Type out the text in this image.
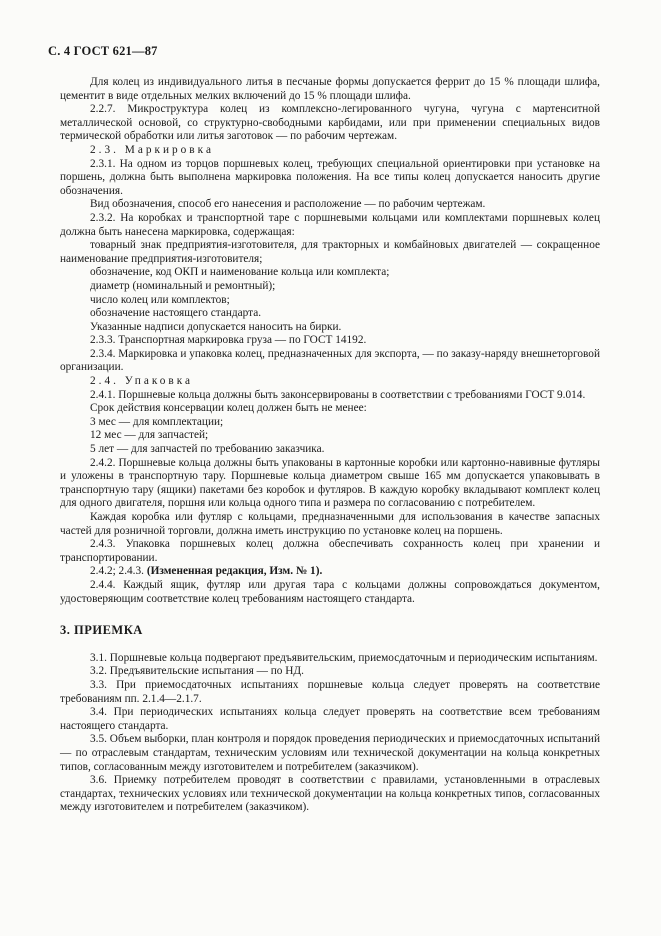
С. 4 ГОСТ 621—87

Для колец из индивидуального литья в песчаные формы допускается феррит до 15 % площади шлифа, цементит в виде отдельных мелких включений до 15 % площади шлифа.

2.2.7. Микроструктура колец из комплексно-легированного чугуна, чугуна с мартенситной металлической основой, со структурно-свободными карбидами, или при применении специальных видов термической обработки или литья заготовок — по рабочим чертежам.

2.3. Маркировка

2.3.1. На одном из торцов поршневых колец, требующих специальной ориентировки при установке на поршень, должна быть выполнена маркировка положения. На все типы колец допускается наносить другие обозначения.

Вид обозначения, способ его нанесения и расположение — по рабочим чертежам.

2.3.2. На коробках и транспортной таре с поршневыми кольцами или комплектами поршневых колец должна быть нанесена маркировка, содержащая:

товарный знак предприятия-изготовителя, для тракторных и комбайновых двигателей — сокращенное наименование предприятия-изготовителя;

обозначение, код ОКП и наименование кольца или комплекта;

диаметр (номинальный и ремонтный);

число колец или комплектов;

обозначение настоящего стандарта.

Указанные надписи допускается наносить на бирки.

2.3.3. Транспортная маркировка груза — по ГОСТ 14192.

2.3.4. Маркировка и упаковка колец, предназначенных для экспорта, — по заказу-наряду внешнеторговой организации.

2.4. Упаковка

2.4.1. Поршневые кольца должны быть законсервированы в соответствии с требованиями ГОСТ 9.014.

Срок действия консервации колец должен быть не менее:

3 мес — для комплектации;

12 мес — для запчастей;

5 лет — для запчастей по требованию заказчика.

2.4.2. Поршневые кольца должны быть упакованы в картонные коробки или картонно-навивные футляры и уложены в транспортную тару. Поршневые кольца диаметром свыше 165 мм допускается упаковывать в транспортную тару (ящики) пакетами без коробок и футляров. В каждую коробку вкладывают комплект колец для одного двигателя, поршня или кольца одного типа и размера по согласованию с потребителем.

Каждая коробка или футляр с кольцами, предназначенными для использования в качестве запасных частей для розничной торговли, должна иметь инструкцию по установке колец на поршень.

2.4.3. Упаковка поршневых колец должна обеспечивать сохранность колец при хранении и транспортировании.

2.4.2; 2.4.3. (Измененная редакция, Изм. № 1).

2.4.4. Каждый ящик, футляр или другая тара с кольцами должны сопровождаться документом, удостоверяющим соответствие колец требованиям настоящего стандарта.

3. ПРИЕМКА

3.1. Поршневые кольца подвергают предъявительским, приемосдаточным и периодическим испытаниям.

3.2. Предъявительские испытания — по НД.

3.3. При приемосдаточных испытаниях поршневые кольца следует проверять на соответствие требованиям пп. 2.1.4—2.1.7.

3.4. При периодических испытаниях кольца следует проверять на соответствие всем требованиям настоящего стандарта.

3.5. Объем выборки, план контроля и порядок проведения периодических и приемосдаточных испытаний — по отраслевым стандартам, техническим условиям или технической документации на кольца конкретных типов, согласованным между изготовителем и потребителем (заказчиком).

3.6. Приемку потребителем проводят в соответствии с правилами, установленными в отраслевых стандартах, технических условиях или технической документации на кольца конкретных типов, согласованных между изготовителем и потребителем (заказчиком).
